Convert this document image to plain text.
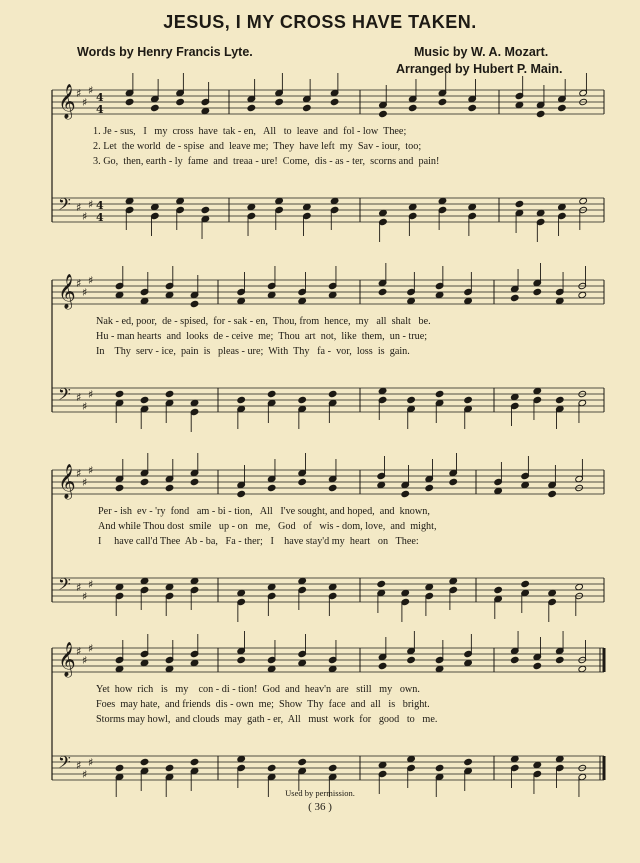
JESUS, I MY CROSS HAVE TAKEN.
Words by Henry Francis Lyte.	Music by W. A. Mozart.
Arranged by Hubert P. Main.
𝄞 ♯
♯
♯
𝄢 ♯
♯
♯
4
4
4
4
𝄞 ♯
♯
♯
𝄢 ♯
♯
♯
𝄞 ♯
♯
♯
𝄢 ♯
♯
♯
𝄞 ♯
♯
♯
𝄢 ♯
♯
♯
1. Je - sus,   I   my  cross  have  tak - en,   All   to  leave  and  fol - low  Thee;
2. Let  the world  de - spise  and  leave me;  They  have left  my  Sav - iour,  too;
3. Go,  then, earth - ly  fame  and  treaa - ure!  Come,  dis - as - ter,  scorns and  pain!
Nak - ed, poor,  de - spised,  for - sak - en,  Thou, from  hence,  my   all  shalt   be.
Hu - man hearts  and  looks  de - ceive  me;  Thou  art  not,  like  them,  un - true;
In    Thy  serv - ice,  pain  is   pleas - ure;  With  Thy   fa -  vor,  loss  is  gain.
Per - ish  ev - 'ry  fond   am - bi - tion,   All   I've sought, and hoped,  and  known,
And while Thou dost  smile   up - on   me,   God   of   wis - dom, love,  and  might,
I     have call'd Thee  Ab - ba,   Fa - ther;   I    have stay'd my  heart   on   Thee:
Yet  how  rich   is   my    con - di - tion!  God  and  heav'n  are   still   my   own.
Foes  may hate,  and friends  dis - own  me;  Show  Thy  face  and  all   is   bright.
Storms may howl,  and clouds  may  gath - er,  All   must  work  for   good   to   me.
Used by permission.
( 36 )
